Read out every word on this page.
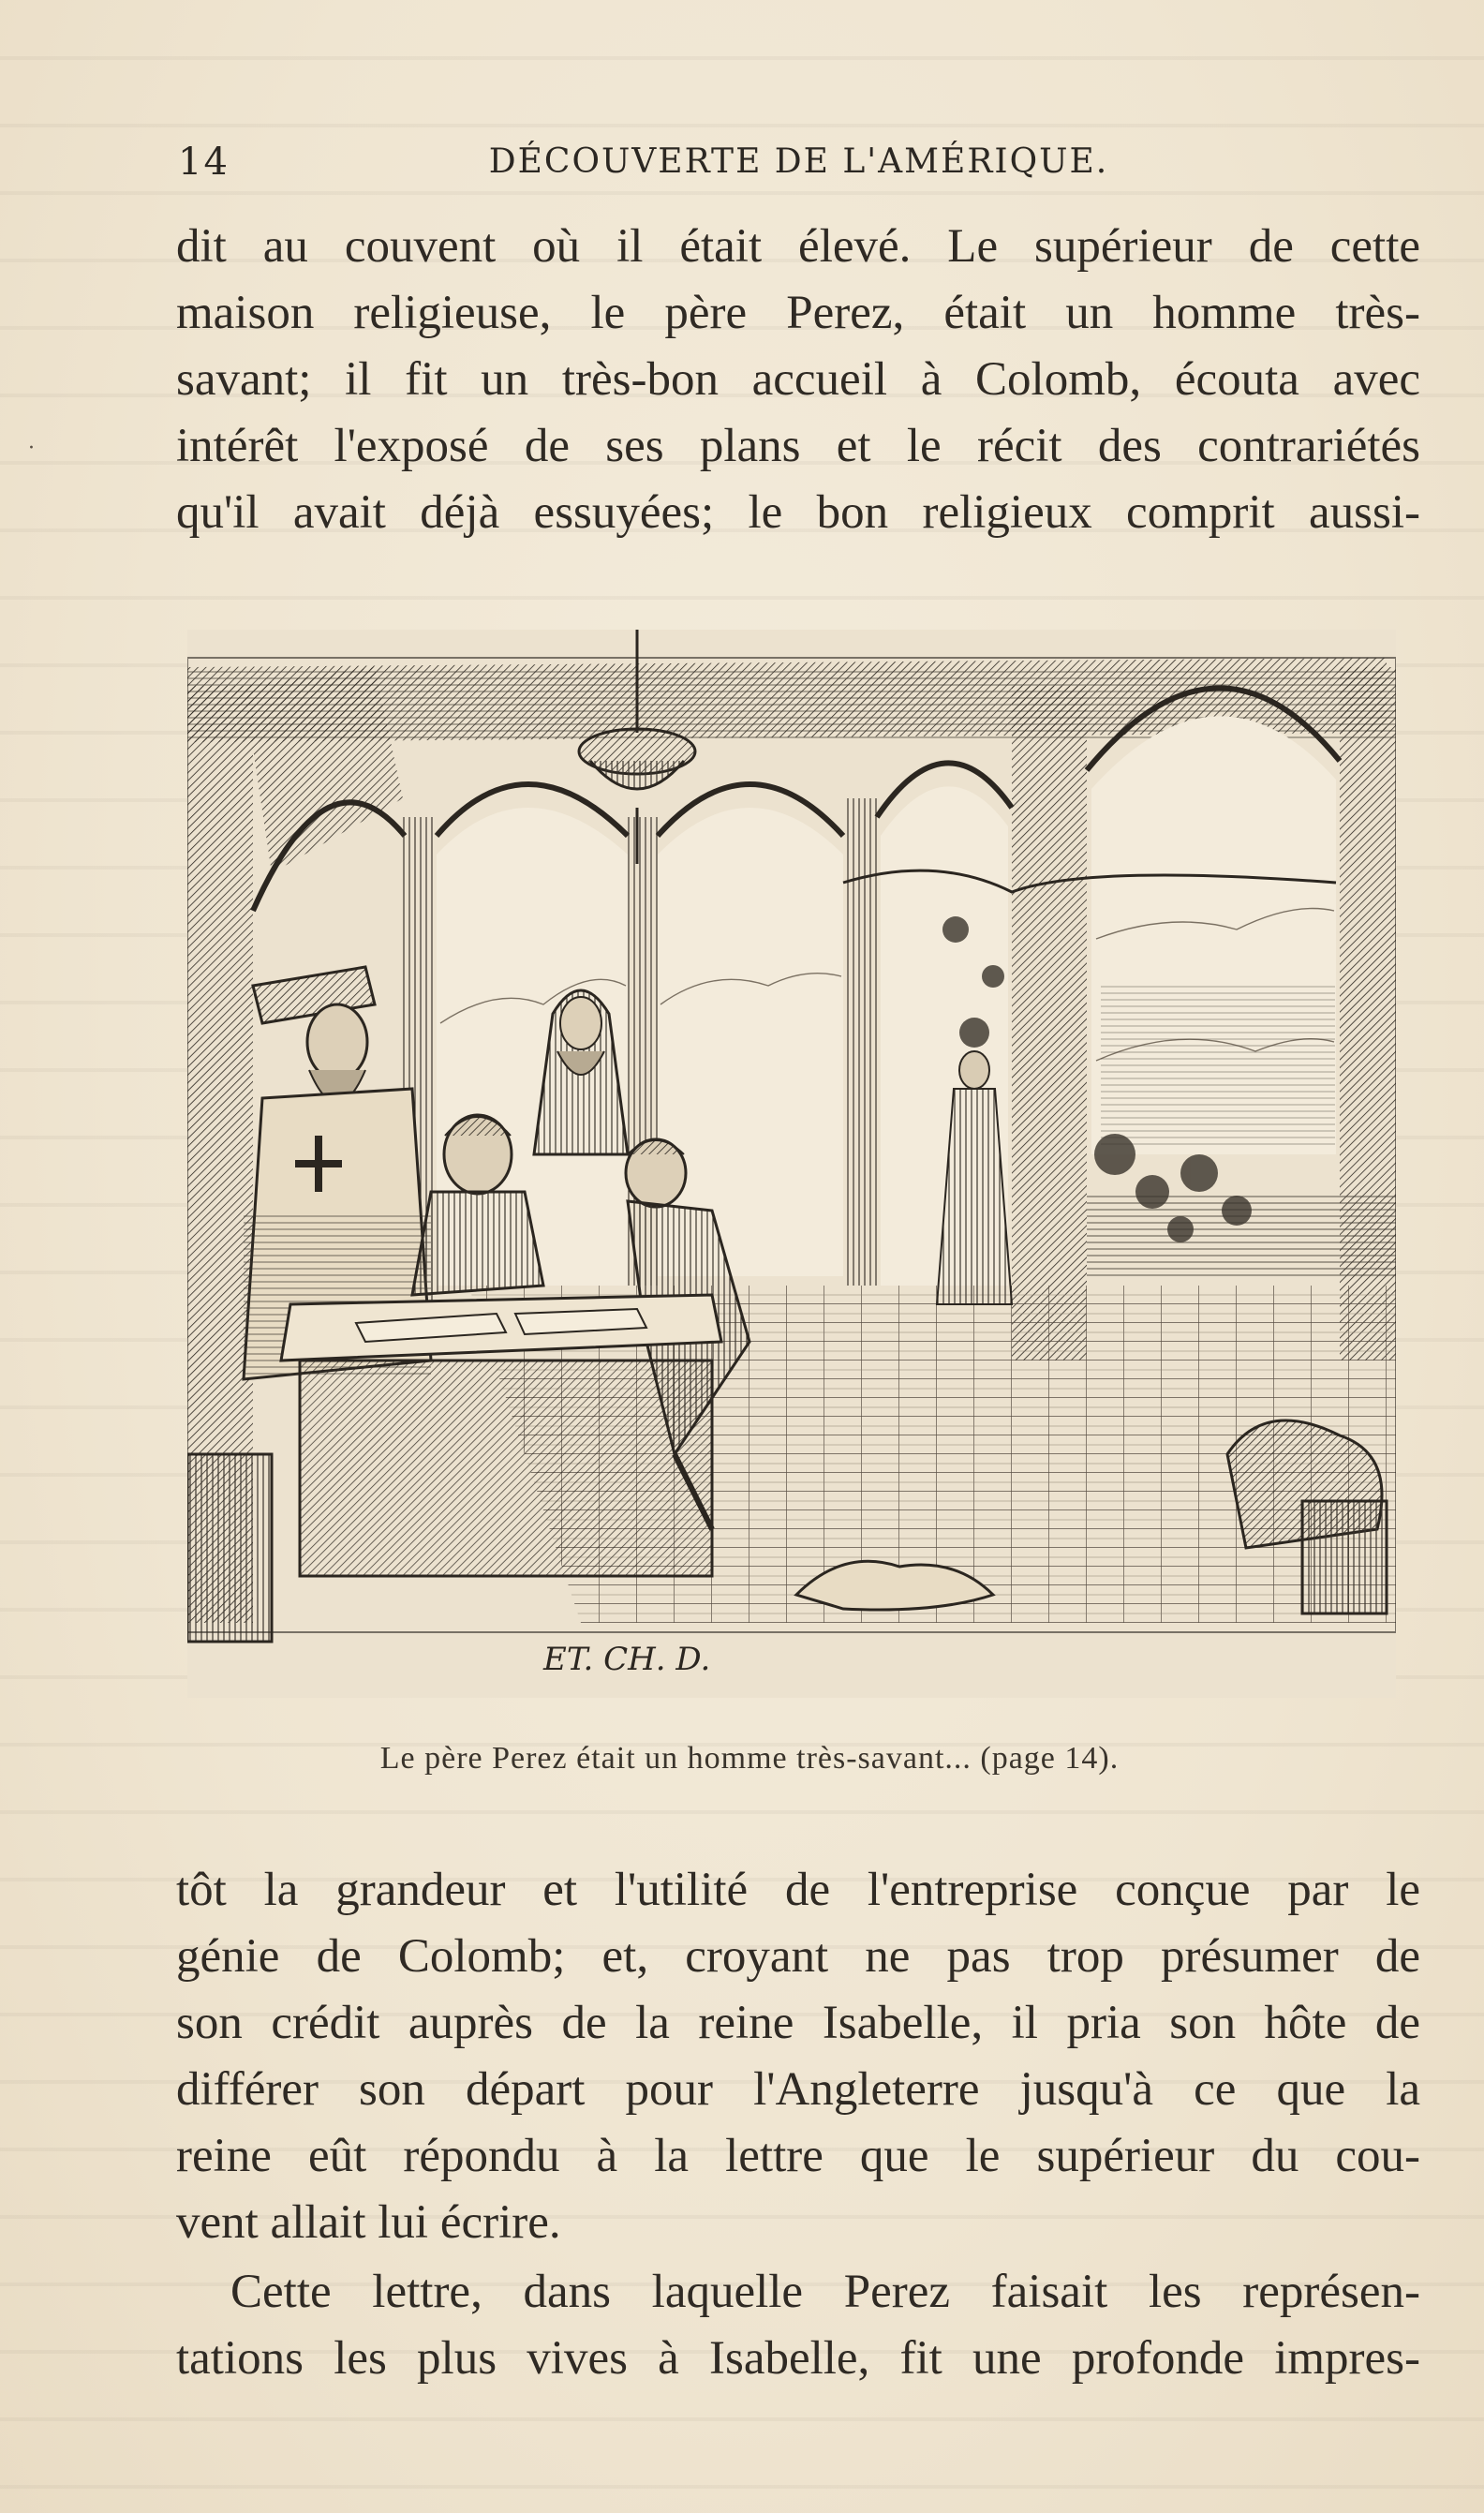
·
14	DÉCOUVERTE DE L'AMÉRIQUE.
dit au couvent où il était élevé. Le supérieur de cette
maison religieuse, le père Perez, était un homme très-
savant; il fit un très-bon accueil à Colomb, écouta avec
intérêt l'exposé de ses plans et le récit des contrariétés
qu'il avait déjà essuyées; le bon religieux comprit aussi-
ET. CH. D.
Le père Perez était un homme très-savant... (page 14).
tôt la grandeur et l'utilité de l'entreprise conçue par le
génie de Colomb; et, croyant ne pas trop présumer de
son crédit auprès de la reine Isabelle, il pria son hôte de
différer son départ pour l'Angleterre jusqu'à ce que la
reine eût répondu à la lettre que le supérieur du cou-
vent allait lui écrire.
Cette lettre, dans laquelle Perez faisait les représen-
tations les plus vives à Isabelle, fit une profonde impres-
